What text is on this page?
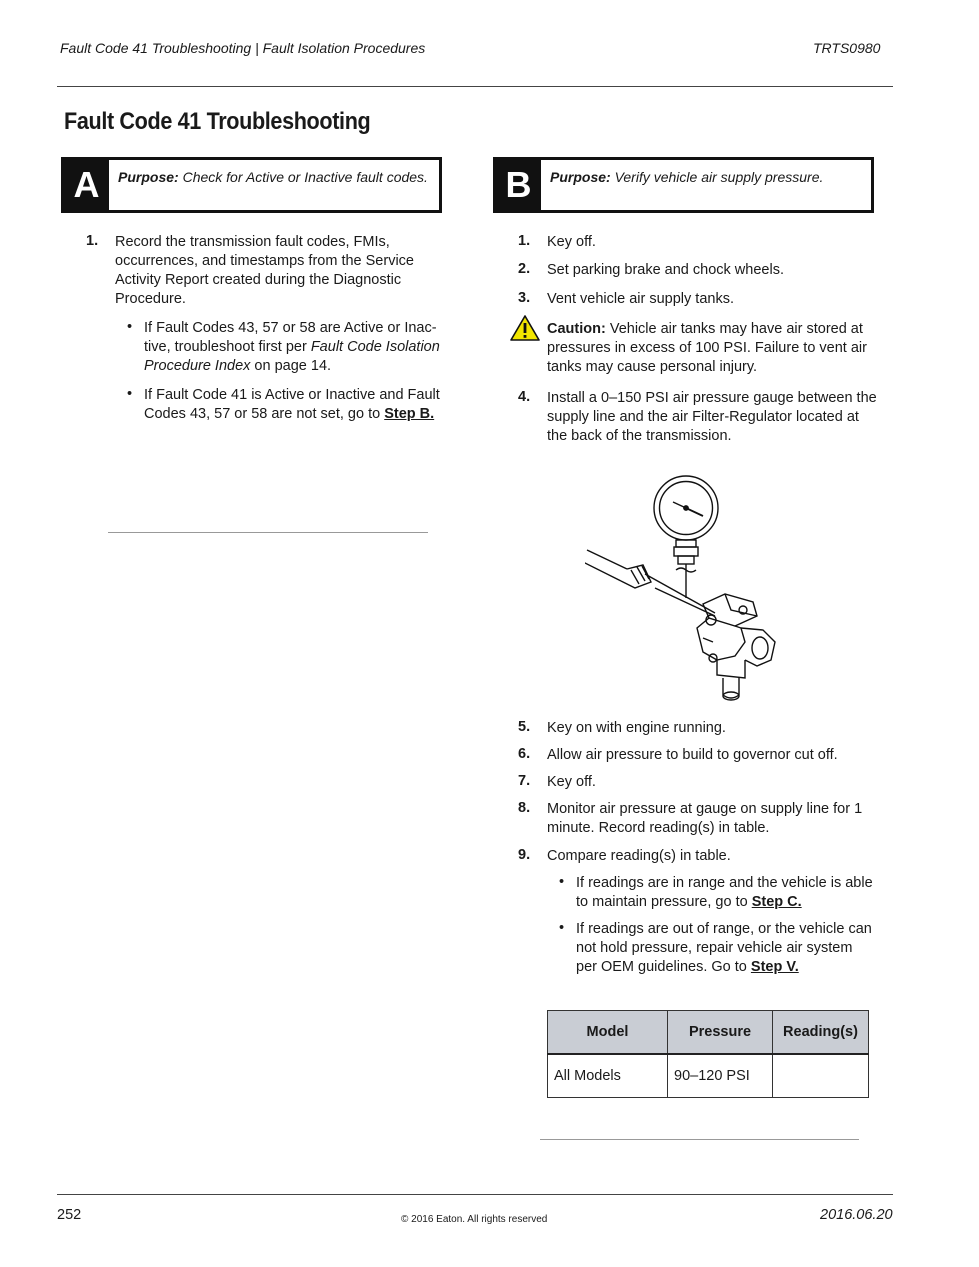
Fault Code 41 Troubleshooting | Fault Isolation Procedures	TRTS0980
Fault Code 41 Troubleshooting
A	Purpose: Check for Active or Inactive fault codes. B	Purpose: Verify vehicle air supply pressure.
1. Record the transmission fault codes, FMIs,
occurrences, and timestamps from the Service
Activity Report created during the Diagnostic
Procedure.
• If Fault Codes 43, 57 or 58 are Active or Inac-
tive, troubleshoot first per Fault Code Isolation
Procedure Index on page 14.
• If Fault Code 41 is Active or Inactive and Fault
Codes 43, 57 or 58 are not set, go to Step B.
1. Key off.
2. Set parking brake and chock wheels.
3. Vent vehicle air supply tanks.
Caution: Vehicle air tanks may have air stored at
pressures in excess of 100 PSI. Failure to vent air
tanks may cause personal injury.
4. Install a 0–150 PSI air pressure gauge between the
supply line and the air Filter-Regulator located at
the back of the transmission.
5. Key on with engine running.
6. Allow air pressure to build to governor cut off.
7. Key off.
8. Monitor air pressure at gauge on supply line for 1
minute. Record reading(s) in table.
9. Compare reading(s) in table.
• If readings are in range and the vehicle is able
to maintain pressure, go to Step C.
• If readings are out of range, or the vehicle can
not hold pressure, repair vehicle air system
per OEM guidelines. Go to Step V.
Model	Pressure	Reading(s)
All Models	90–120 PSI	
252	© 2016 Eaton. All rights reserved	2016.06.20
